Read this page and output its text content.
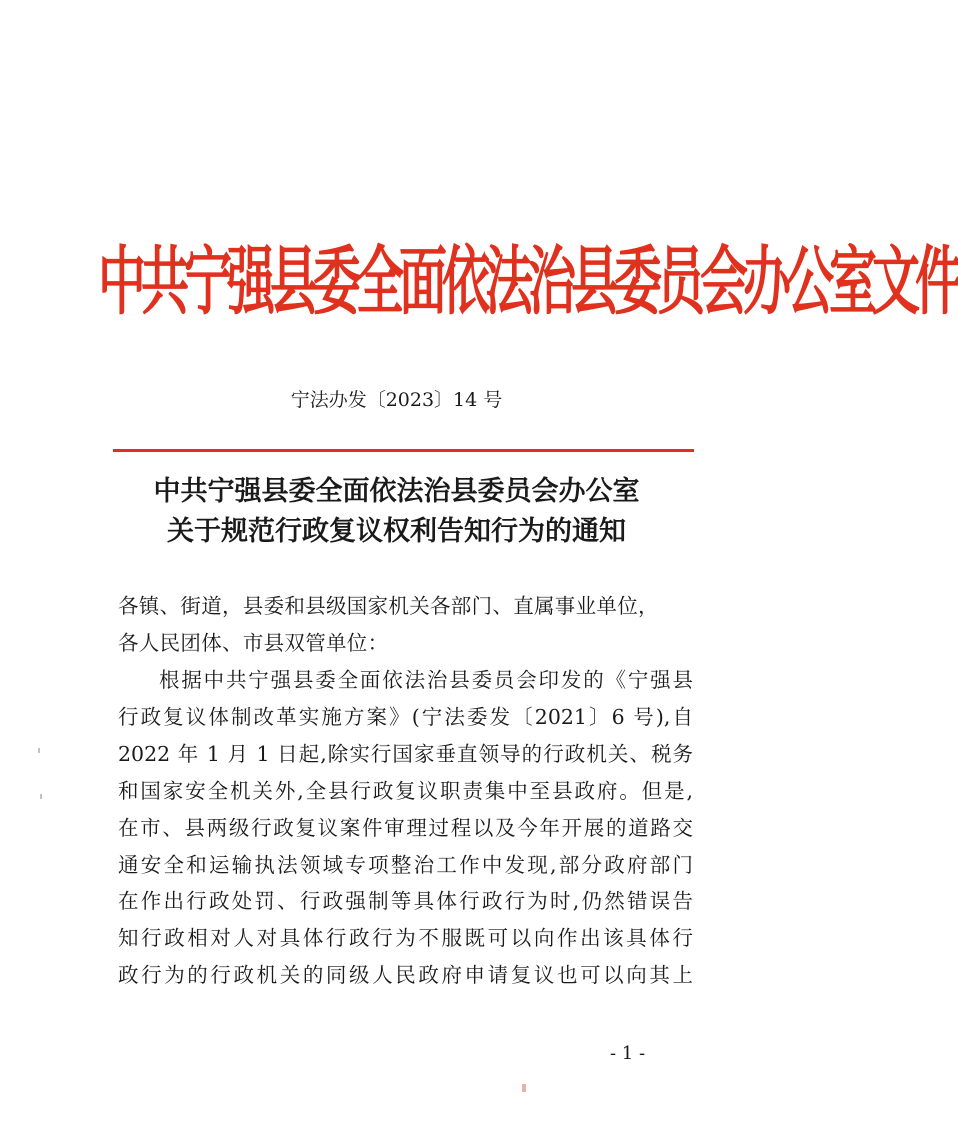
中共宁强县委全面依法治县委员会办公室文件
宁法办发〔2023〕14 号
中共宁强县委全面依法治县委员会办公室
关于规范行政复议权利告知行为的通知
各镇、街道，县委和县级国家机关各部门、直属事业单位，
各人民团体、市县双管单位：
根据中共宁强县委全面依法治县委员会印发的《宁强县
行政复议体制改革实施方案》(宁法委发〔2021〕6 号),自
2022 年 1 月 1 日起,除实行国家垂直领导的行政机关、税务
和国家安全机关外,全县行政复议职责集中至县政府。但是,
在市、县两级行政复议案件审理过程以及今年开展的道路交
通安全和运输执法领域专项整治工作中发现,部分政府部门
在作出行政处罚、行政强制等具体行政行为时,仍然错误告
知行政相对人对具体行政行为不服既可以向作出该具体行
政行为的行政机关的同级人民政府申请复议也可以向其上
- 1 -
